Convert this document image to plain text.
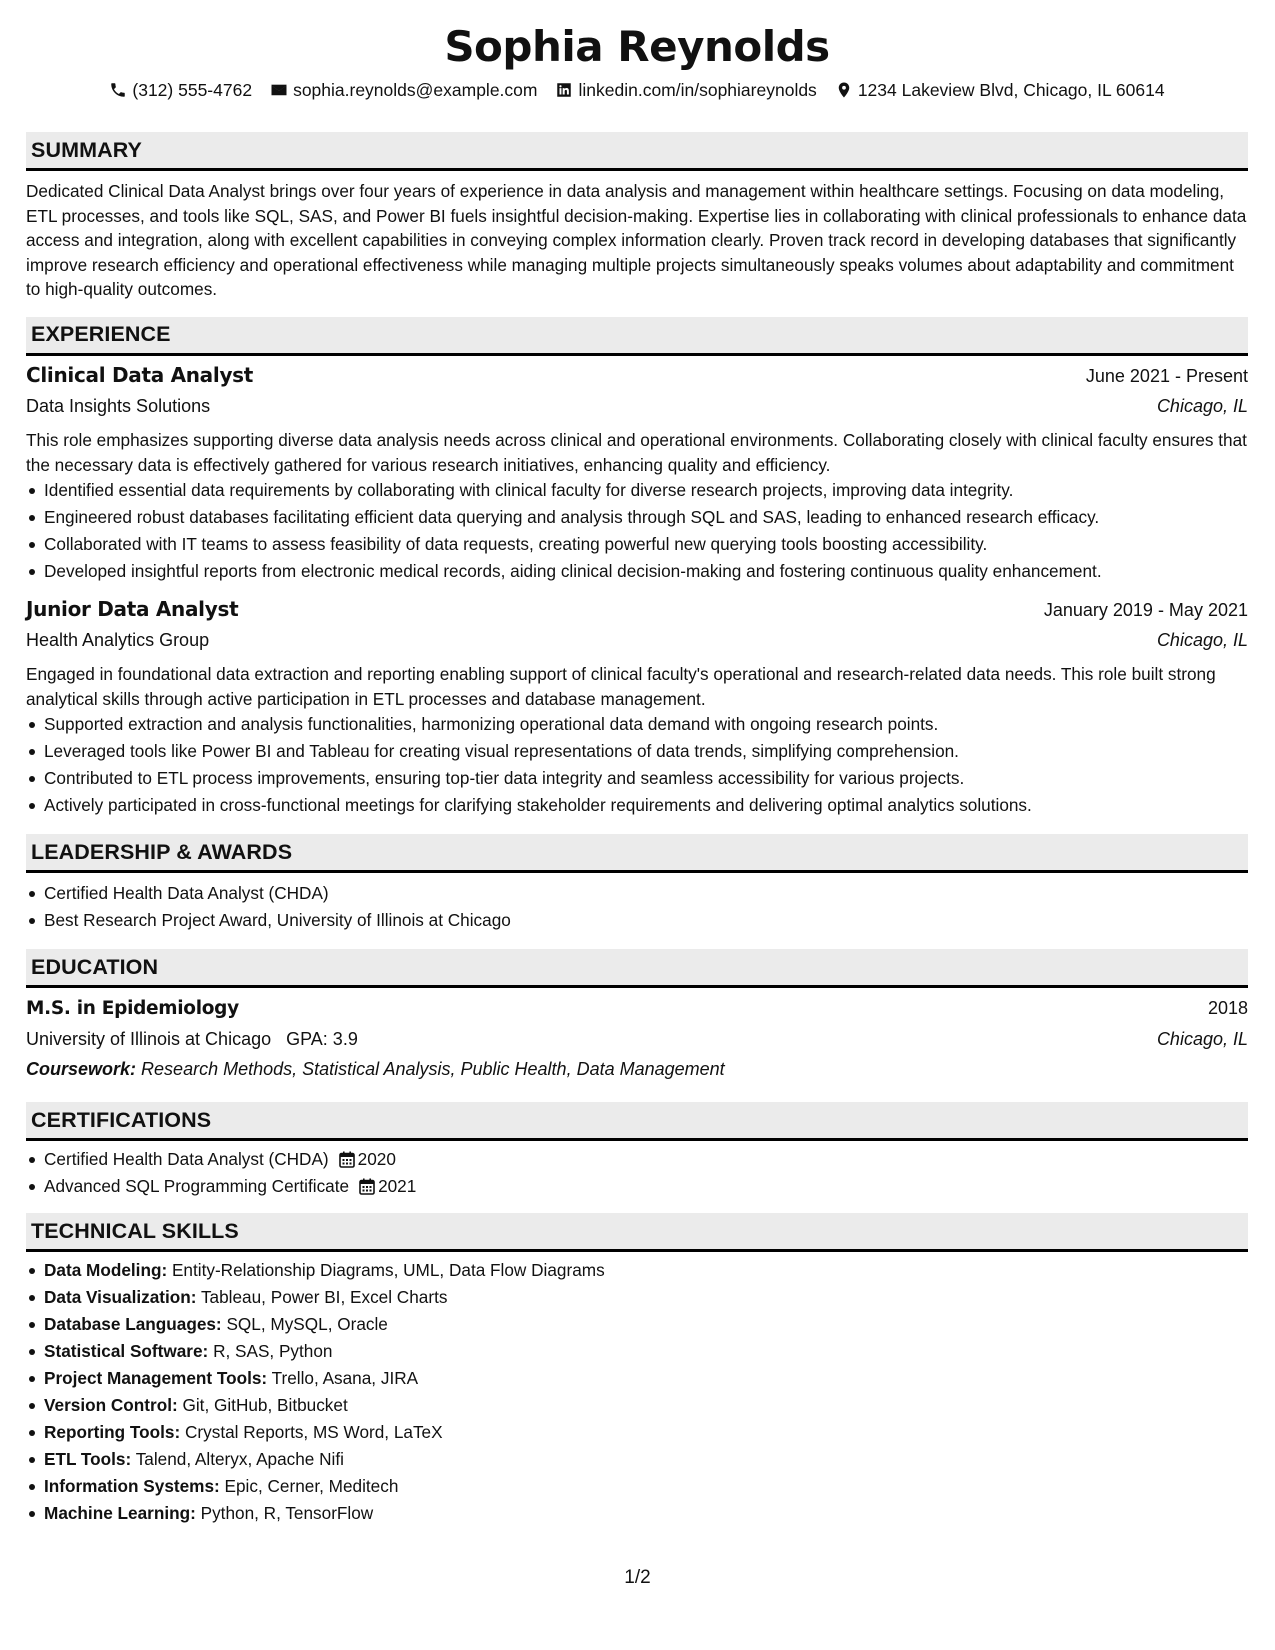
Sophia Reynolds
(312) 555-4762 sophia.reynolds@example.com linkedin.com/in/sophiareynolds 1234 Lakeview Blvd, Chicago, IL 60614
SUMMARY

Dedicated Clinical Data Analyst brings over four years of experience in data analysis and management within healthcare settings. Focusing on data modeling, ETL processes, and tools like SQL, SAS, and Power BI fuels insightful decision-making. Expertise lies in collaborating with clinical professionals to enhance data access and integration, along with excellent capabilities in conveying complex information clearly. Proven track record in developing databases that significantly improve research efficiency and operational effectiveness while managing multiple projects simultaneously speaks volumes about adaptability and commitment to high-quality outcomes.

EXPERIENCE
Clinical Data Analyst	June 2021 - Present
Data Insights Solutions	Chicago, IL

This role emphasizes supporting diverse data analysis needs across clinical and operational environments. Collaborating closely with clinical faculty ensures that the necessary data is effectively gathered for various research initiatives, enhancing quality and efficiency.

Identified essential data requirements by collaborating with clinical faculty for diverse research projects, improving data integrity.
Engineered robust databases facilitating efficient data querying and analysis through SQL and SAS, leading to enhanced research efficacy.
Collaborated with IT teams to assess feasibility of data requests, creating powerful new querying tools boosting accessibility.
Developed insightful reports from electronic medical records, aiding clinical decision-making and fostering continuous quality enhancement.
Junior Data Analyst	January 2019 - May 2021
Health Analytics Group	Chicago, IL

Engaged in foundational data extraction and reporting enabling support of clinical faculty's operational and research-related data needs. This role built strong analytical skills through active participation in ETL processes and database management.

Supported extraction and analysis functionalities, harmonizing operational data demand with ongoing research points.
Leveraged tools like Power BI and Tableau for creating visual representations of data trends, simplifying comprehension.
Contributed to ETL process improvements, ensuring top-tier data integrity and seamless accessibility for various projects.
Actively participated in cross-functional meetings for clarifying stakeholder requirements and delivering optimal analytics solutions.
LEADERSHIP & AWARDS
Certified Health Data Analyst (CHDA)
Best Research Project Award, University of Illinois at Chicago
EDUCATION
M.S. in Epidemiology	2018
University of Illinois at Chicago GPA: 3.9	Chicago, IL
Coursework: Research Methods, Statistical Analysis, Public Health, Data Management
CERTIFICATIONS
Certified Health Data Analyst (CHDA) 2020
Advanced SQL Programming Certificate 2021
TECHNICAL SKILLS
Data Modeling: Entity-Relationship Diagrams, UML, Data Flow Diagrams
Data Visualization: Tableau, Power BI, Excel Charts
Database Languages: SQL, MySQL, Oracle
Statistical Software: R, SAS, Python
Project Management Tools: Trello, Asana, JIRA
Version Control: Git, GitHub, Bitbucket
Reporting Tools: Crystal Reports, MS Word, LaTeX
ETL Tools: Talend, Alteryx, Apache Nifi
Information Systems: Epic, Cerner, Meditech
Machine Learning: Python, R, TensorFlow
1/2
